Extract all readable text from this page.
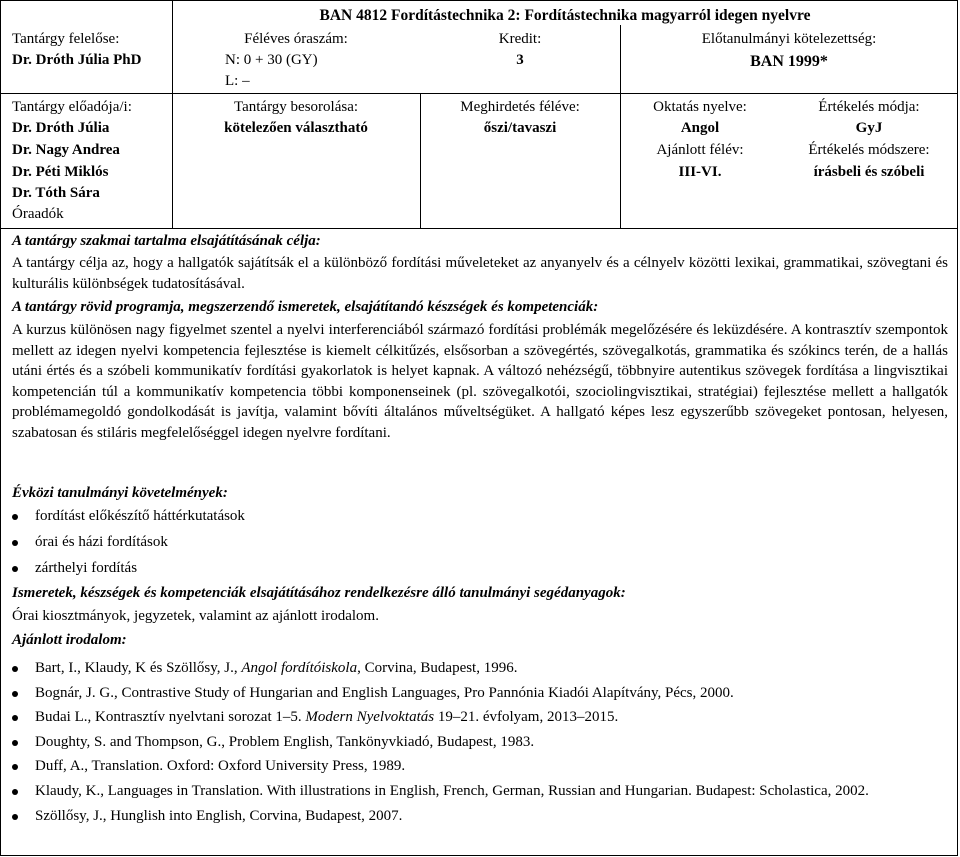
BAN 4812 Fordítástechnika 2: Fordítástechnika magyarról idegen nyelvre
Tantárgy felelőse:
Dr. Dróth Júlia PhD
Féléves óraszám:
N: 0 + 30 (GY)
L: –
Kredit:
3
Előtanulmányi kötelezettség:
BAN 1999*
Tantárgy előadója/i:
Dr. Dróth Júlia
Dr. Nagy Andrea
Dr. Péti Miklós
Dr. Tóth Sára
Óraadók
Tantárgy besorolása:
kötelezően választható
Meghirdetés féléve:
őszi/tavaszi
Oktatás nyelve:
Angol
Ajánlott félév:
III-VI.
Értékelés módja:
GyJ
Értékelés módszere:
írásbeli és szóbeli
A tantárgy szakmai tartalma elsajátításának célja:
A tantárgy célja az, hogy a hallgatók sajátítsák el a különböző fordítási műveleteket az anyanyelv és a célnyelv közötti lexikai, grammatikai, szövegtani és kulturális különbségek tudatosításával.
A tantárgy rövid programja, megszerzendő ismeretek, elsajátítandó készségek és kompetenciák:
A kurzus különösen nagy figyelmet szentel a nyelvi interferenciából származó fordítási problémák megelőzésére és leküzdésére. A kontrasztív szempontok mellett az idegen nyelvi kompetencia fejlesztése is kiemelt célkitűzés, elsősorban a szövegértés, szövegalkotás, grammatika és szókincs terén, de a hallás utáni értés és a szóbeli kommunikatív fordítási gyakorlatok is helyet kapnak. A változó nehézségű, többnyire autentikus szövegek fordítása a lingvisztikai kompetencián túl a kommunikatív kompetencia többi komponenseinek (pl. szövegalkotói, szociolingvisztikai, stratégiai) fejlesztése mellett a hallgatók problémamegoldó gondolkodását is javítja, valamint bővíti általános műveltségüket. A hallgató képes lesz egyszerűbb szövegeket pontosan, helyesen, szabatosan és stiláris megfelelőséggel idegen nyelvre fordítani.
Évközi tanulmányi követelmények:
fordítást előkészítő háttérkutatások
órai és házi fordítások
zárthelyi fordítás
Ismeretek, készségek és kompetenciák elsajátításához rendelkezésre álló tanulmányi segédanyagok:
Órai kiosztmányok, jegyzetek, valamint az ajánlott irodalom.
Ajánlott irodalom:
Bart, I., Klaudy, K és Szöllősy, J., Angol fordítóiskola, Corvina, Budapest, 1996.
Bognár, J. G., Contrastive Study of Hungarian and English Languages, Pro Pannónia Kiadói Alapítvány, Pécs, 2000.
Budai L., Kontrasztív nyelvtani sorozat 1–5. Modern Nyelvoktatás 19–21. évfolyam, 2013–2015.
Doughty, S. and Thompson, G., Problem English, Tankönyvkiadó, Budapest, 1983.
Duff, A., Translation. Oxford: Oxford University Press, 1989.
Klaudy, K., Languages in Translation. With illustrations in English, French, German, Russian and Hungarian. Budapest: Scholastica, 2002.
Szöllősy, J., Hunglish into English, Corvina, Budapest, 2007.
